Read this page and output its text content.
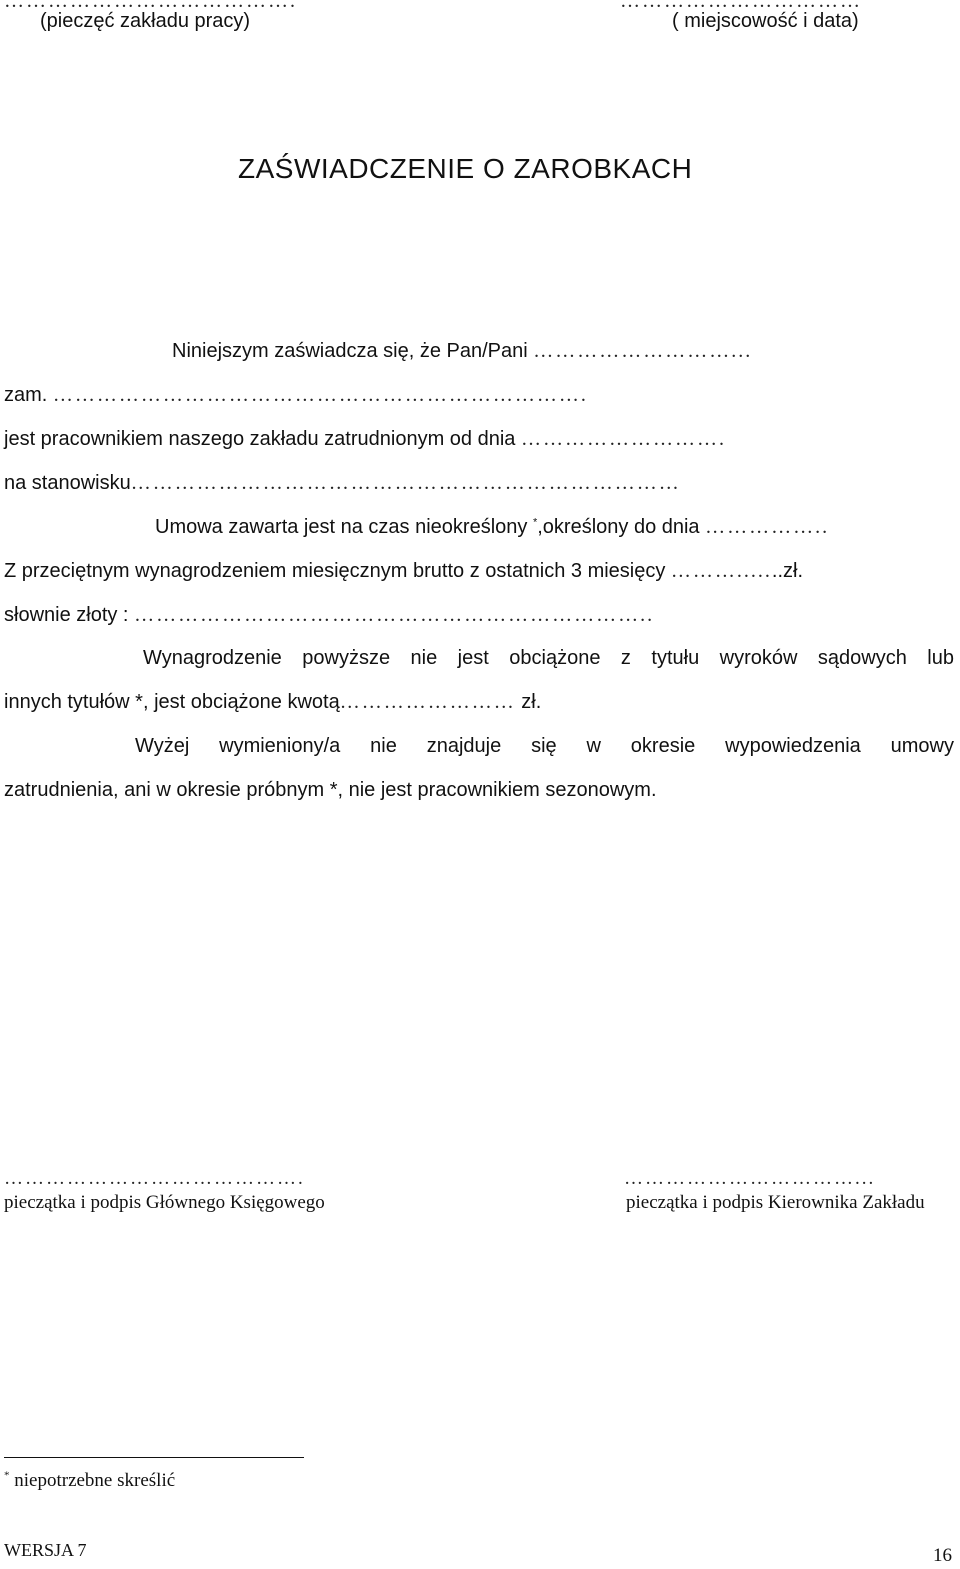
………………………………….
(pieczęć zakładu pracy)
……………………………
( miejscowość i data)
ZAŚWIADCZENIE O ZAROBKACH
Niniejszym zaświadcza się, że Pan/Pani ………………………...
zam. ……………………………………………………………….
jest pracownikiem naszego zakładu zatrudnionym od dnia ……………………….
na stanowisku…………………………………………………………………
Umowa zawarta jest na czas nieokreślony *,określony do dnia ……………..
Z przeciętnym wynagrodzeniem miesięcznym brutto z ostatnich 3 miesięcy ……….......zł.
słownie złoty : ……………………………………………………………..
Wynagrodzenie powyższe nie jest obciążone z tytułu wyroków sądowych lub
innych tytułów *, jest obciążone kwotą…………………… zł.
Wyżej wymieniony/a nie znajduje się w okresie wypowiedzenia umowy
zatrudnienia, ani w okresie próbnym *, nie jest pracownikiem sezonowym.
…………………………………….
pieczątka i podpis Głównego Księgowego
……………………………...
pieczątka i podpis Kierownika Zakładu
* niepotrzebne skreślić
WERSJA 7	16
